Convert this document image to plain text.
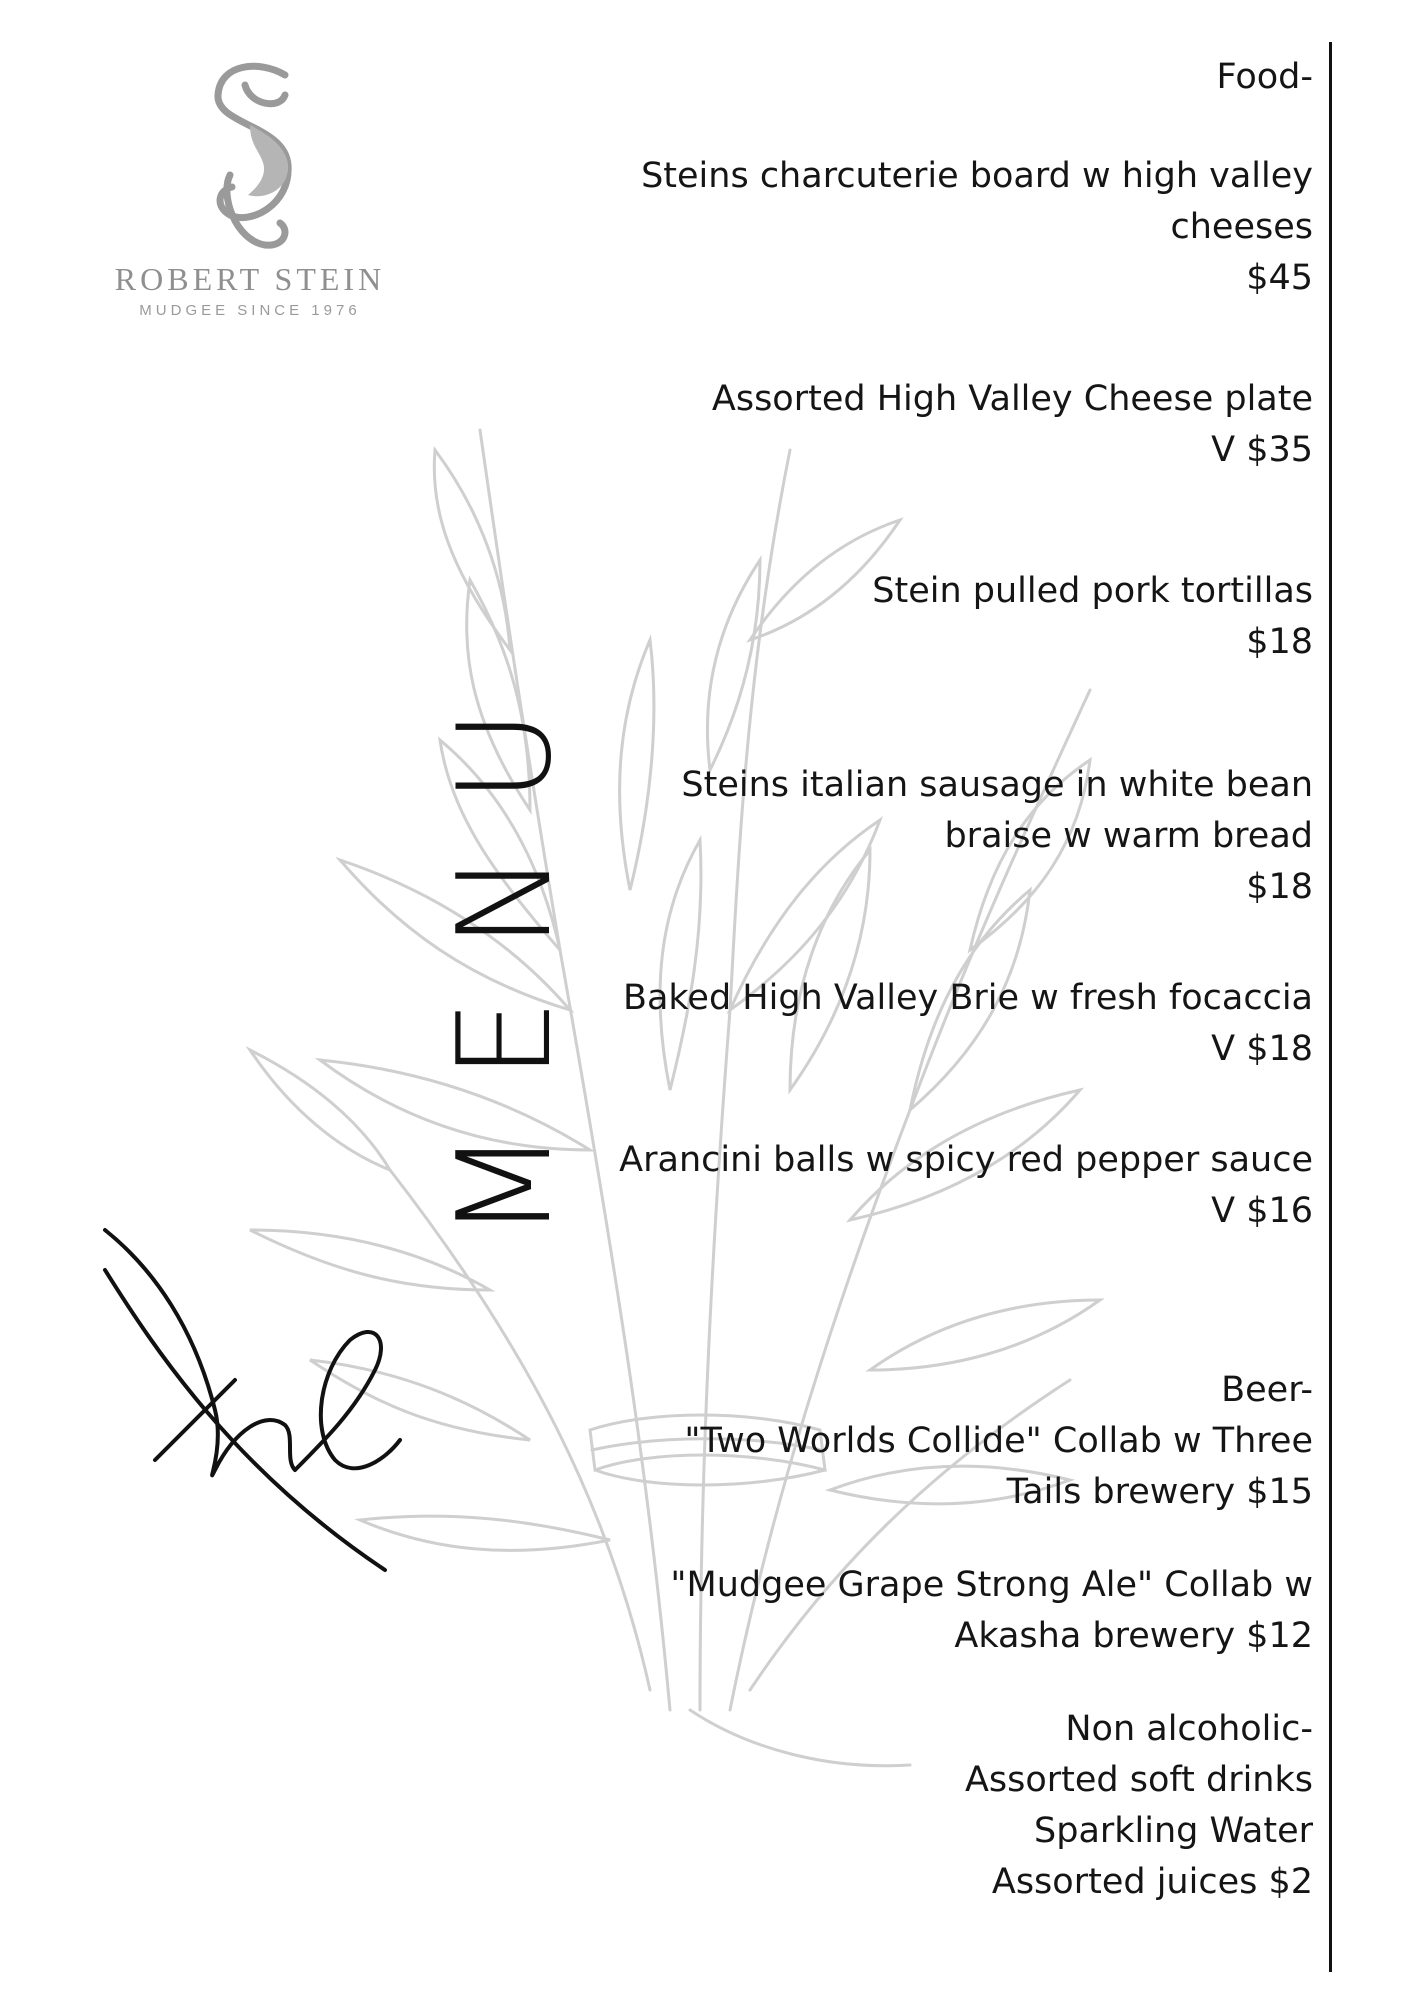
ROBERT STEIN
MUDGEE SINCE 1976
MENU
Food-
Steins charcuterie board w high valley
cheeses
$45
Assorted High Valley Cheese plate
V $35
Stein pulled pork tortillas
$18
Steins italian sausage in white bean
braise w warm bread
$18
Baked High Valley Brie w fresh focaccia
V $18
Arancini balls w spicy red pepper sauce
V $16
Beer-
"Two Worlds Collide" Collab w Three
Tails brewery $15
"Mudgee Grape Strong Ale" Collab w
Akasha brewery $12
Non alcoholic-
Assorted soft drinks
Sparkling Water
Assorted juices $2
